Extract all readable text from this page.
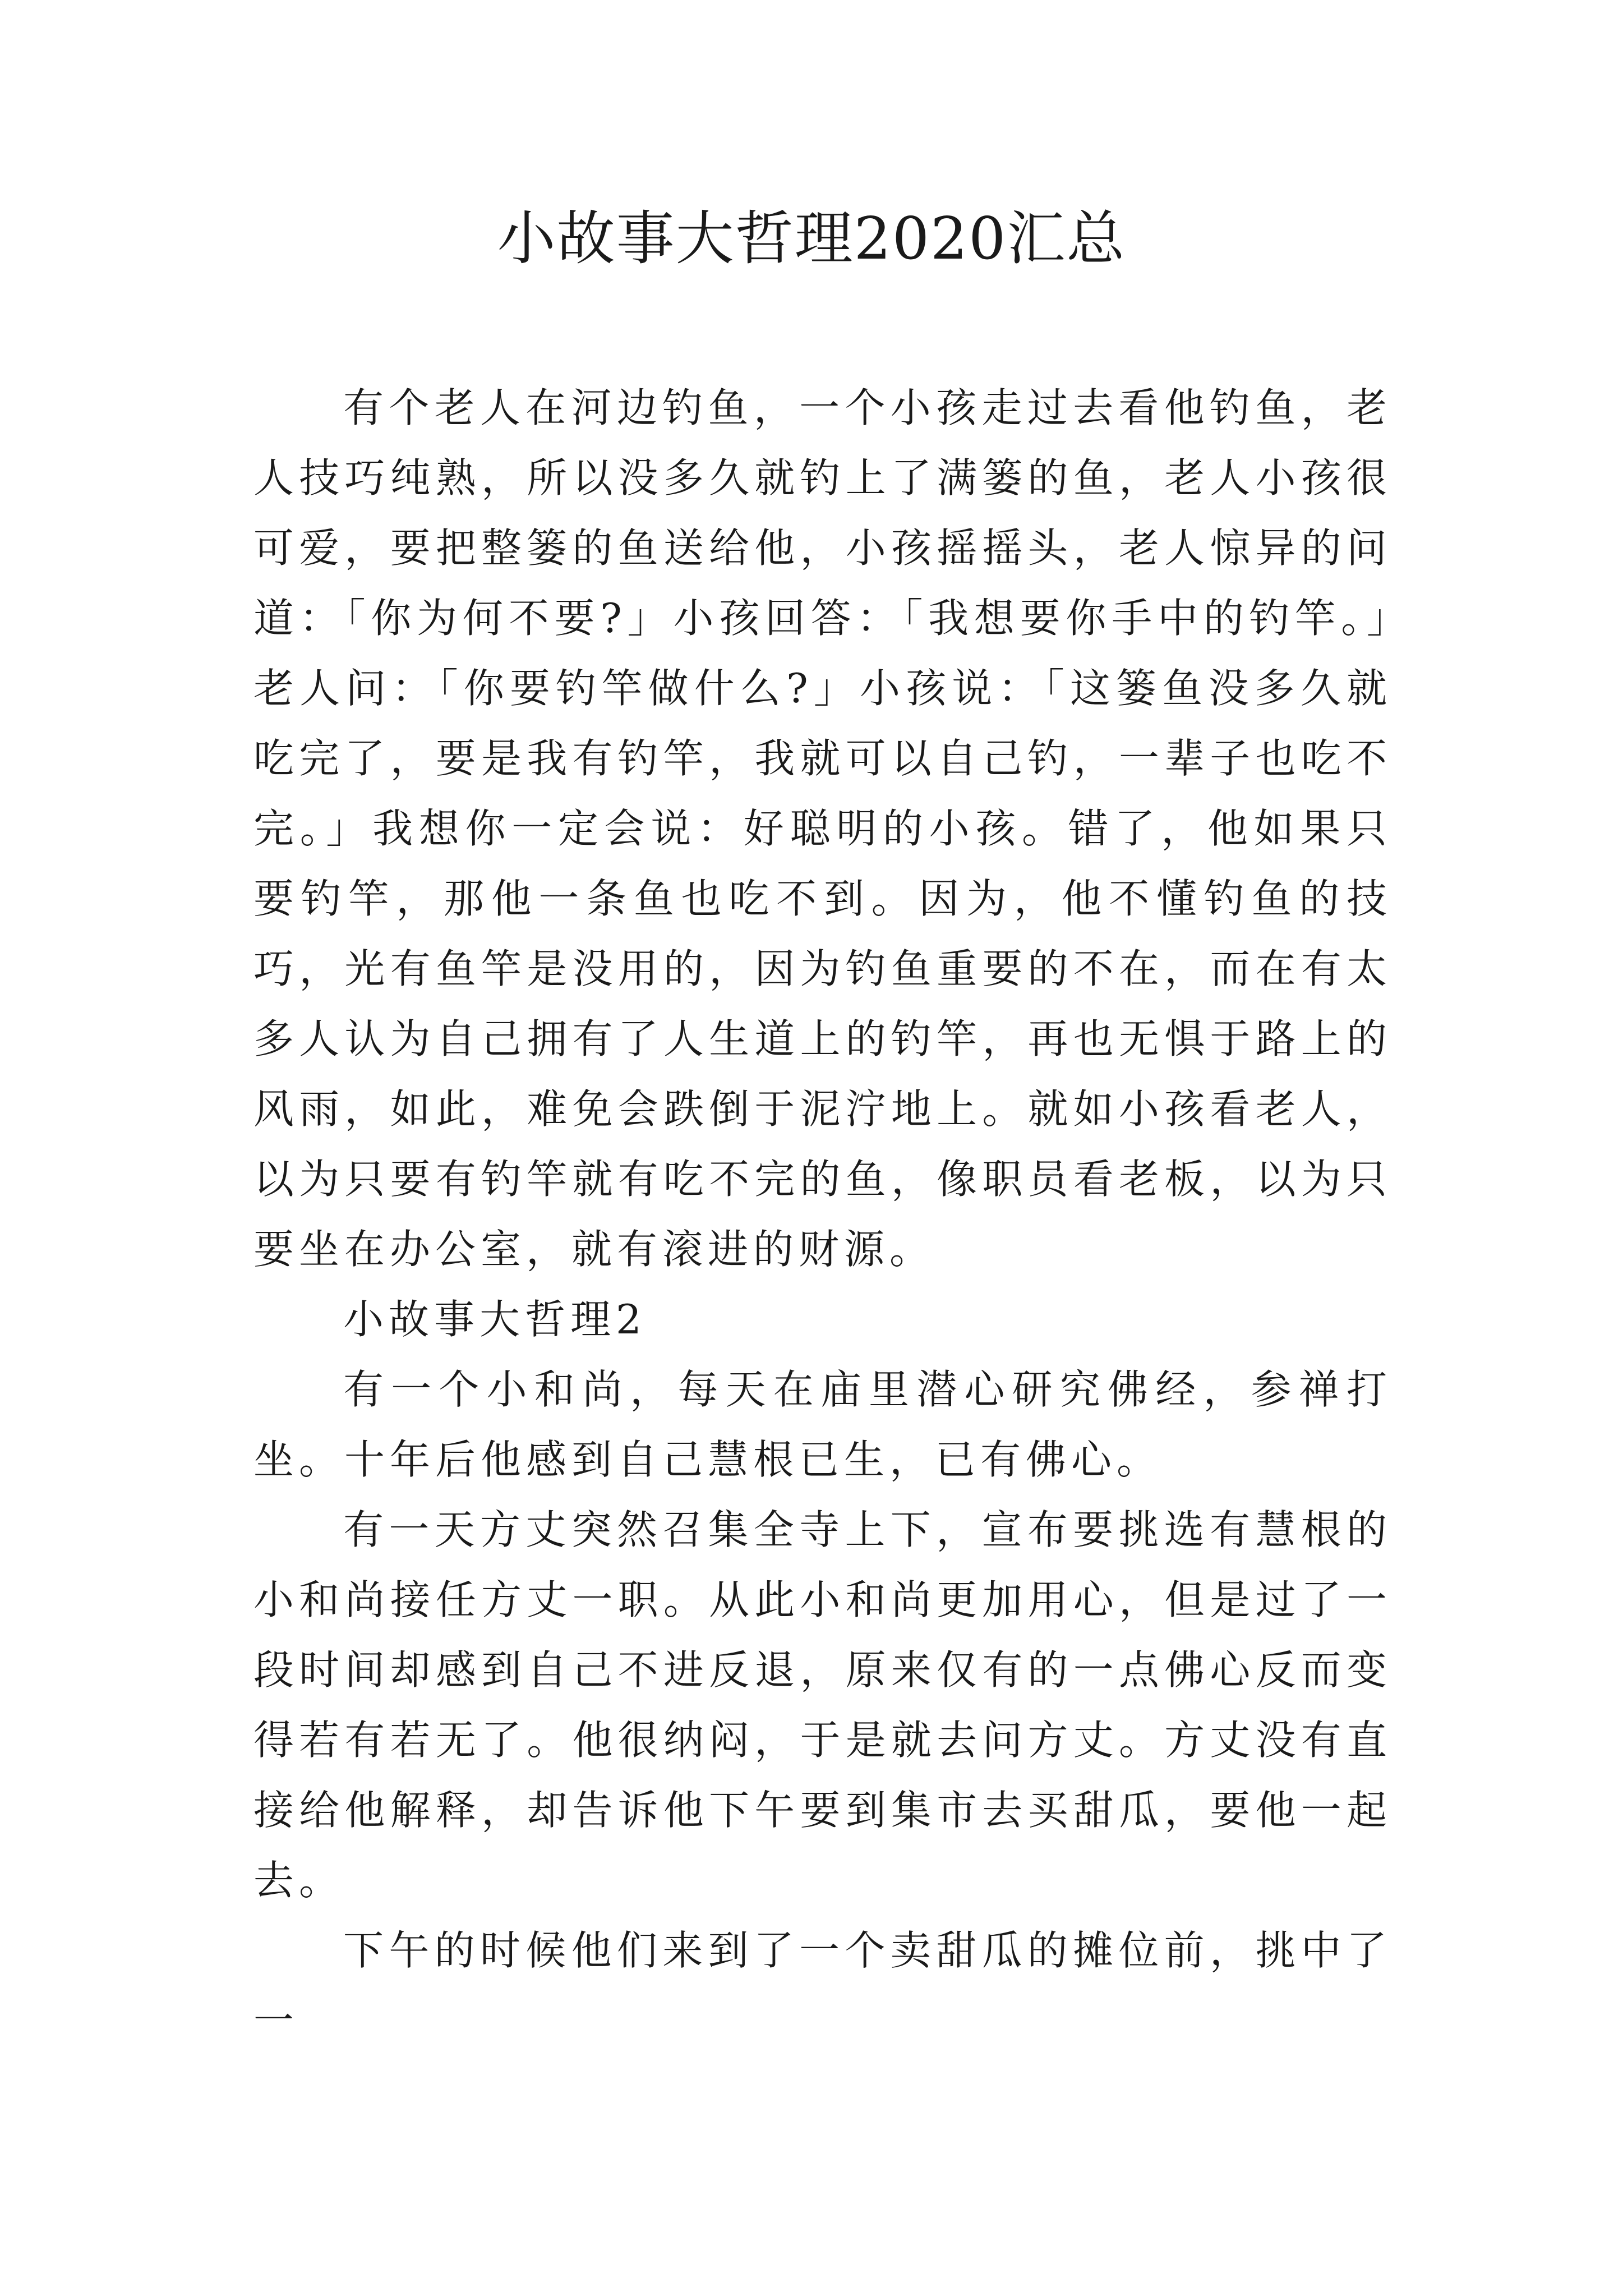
小故事大哲理2020汇总

有个老人在河边钓鱼，一个小孩走过去看他钓鱼，老人技巧纯熟，所以没多久就钓上了满篓的鱼，老人小孩很可爱，要把整篓的鱼送给他，小孩摇摇头，老人惊异的问道：「你为何不要?」小孩回答：「我想要你手中的钓竿。」老人问：「你要钓竿做什么?」小孩说：「这篓鱼没多久就吃完了，要是我有钓竿，我就可以自己钓，一辈子也吃不完。」我想你一定会说：好聪明的小孩。错了，他如果只要钓竿，那他一条鱼也吃不到。因为，他不懂钓鱼的技巧，光有鱼竿是没用的，因为钓鱼重要的不在，而在有太多人认为自己拥有了人生道上的钓竿，再也无惧于路上的风雨，如此，难免会跌倒于泥泞地上。就如小孩看老人，以为只要有钓竿就有吃不完的鱼，像职员看老板，以为只要坐在办公室，就有滚进的财源。

小故事大哲理2

有一个小和尚，每天在庙里潜心研究佛经，参禅打坐。十年后他感到自己慧根已生，已有佛心。

有一天方丈突然召集全寺上下，宣布要挑选有慧根的小和尚接任方丈一职。从此小和尚更加用心，但是过了一段时间却感到自己不进反退，原来仅有的一点佛心反而变得若有若无了。他很纳闷，于是就去问方丈。方丈没有直接给他解释，却告诉他下午要到集市去买甜瓜，要他一起去。

下午的时候他们来到了一个卖甜瓜的摊位前，挑中了一
